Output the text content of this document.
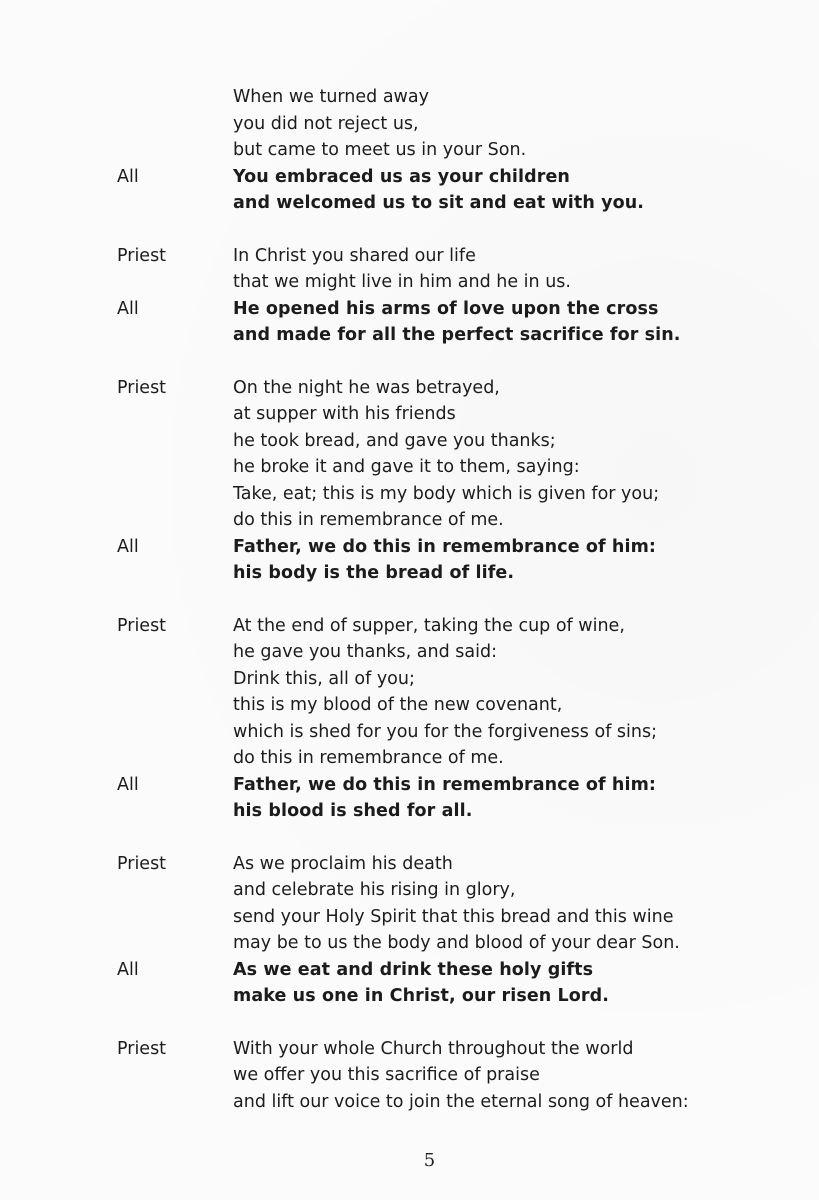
When we turned away
you did not reject us,
but came to meet us in your Son.
All	You embraced us as your children
and welcomed us to sit and eat with you.
Priest	In Christ you shared our life
that we might live in him and he in us.
All	He opened his arms of love upon the cross
and made for all the perfect sacrifice for sin.
Priest	On the night he was betrayed,
at supper with his friends
he took bread, and gave you thanks;
he broke it and gave it to them, saying:
Take, eat; this is my body which is given for you;
do this in remembrance of me.
All	Father, we do this in remembrance of him:
his body is the bread of life.
Priest	At the end of supper, taking the cup of wine,
he gave you thanks, and said:
Drink this, all of you;
this is my blood of the new covenant,
which is shed for you for the forgiveness of sins;
do this in remembrance of me.
All	Father, we do this in remembrance of him:
his blood is shed for all.
Priest	As we proclaim his death
and celebrate his rising in glory,
send your Holy Spirit that this bread and this wine
may be to us the body and blood of your dear Son.
All	As we eat and drink these holy gifts
make us one in Christ, our risen Lord.
Priest	With your whole Church throughout the world
we offer you this sacrifice of praise
and lift our voice to join the eternal song of heaven:
5
